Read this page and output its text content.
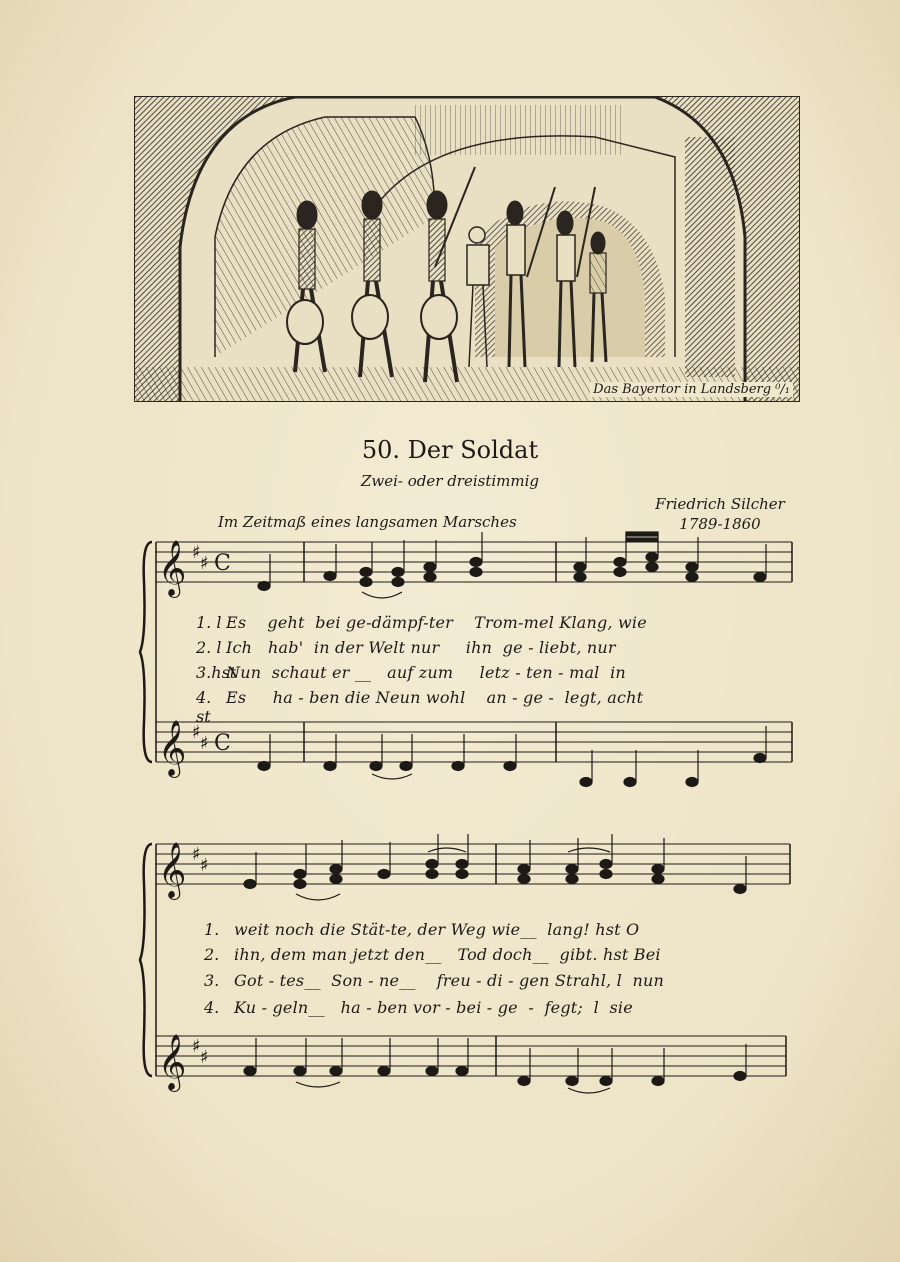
Das Bayertor in Landsberg ⁰/₁
50. Der Soldat
Zwei- oder dreistimmig
Friedrich Silcher
1789-1860
Im Zeitmaß eines langsamen Marsches
𝄞
𝄞
♯
♯
♯
♯
C
C
1. l Es    geht  bei ge-dämpf-ter    Trom-mel Klang, wie
2. l Ich   hab'  in der Welt nur     ihn  ge - liebt, nur
3.hst
Nun  schaut er __   auf zum     letz - ten - mal  in
4. st
Es     ha - ben die Neun wohl    an - ge -  legt, acht
𝄞
𝄞
♯
♯
♯
♯
1. weit noch die Stät-te, der Weg wie__  lang! hst O
2. ihn, dem man jetzt den__   Tod doch__  gibt. hst Bei
3. Got - tes__  Son - ne__    freu - di - gen Strahl, l  nun
4. Ku - geln__   ha - ben vor - bei - ge  -  fegt;  l  sie
